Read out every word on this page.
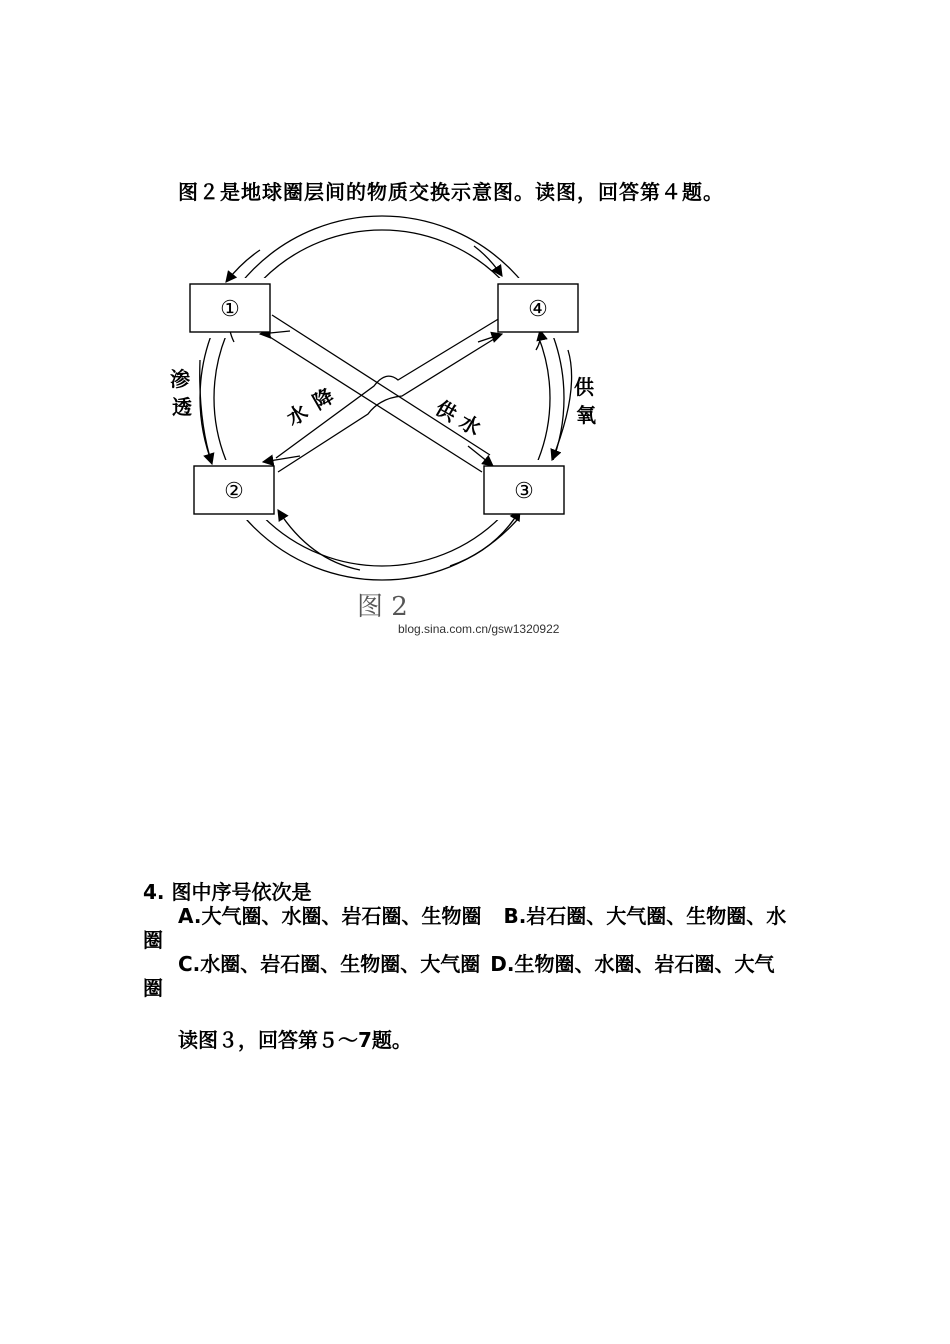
图２是地球圈层间的物质交换示意图。读图，回答第４题。
①	④
②	③
渗
透	降
水	供
水
供
氧
图 2
blog.sina.com.cn/gsw1320922
4. 图中序号依次是
A.大气圈、水圈、岩石圈、生物圈 B.岩石圈、大气圈、生物圈、水
圈
C.水圈、岩石圈、生物圈、大气圈 D.生物圈、水圈、岩石圈、大气
圈
读图３，回答第５～7题。
